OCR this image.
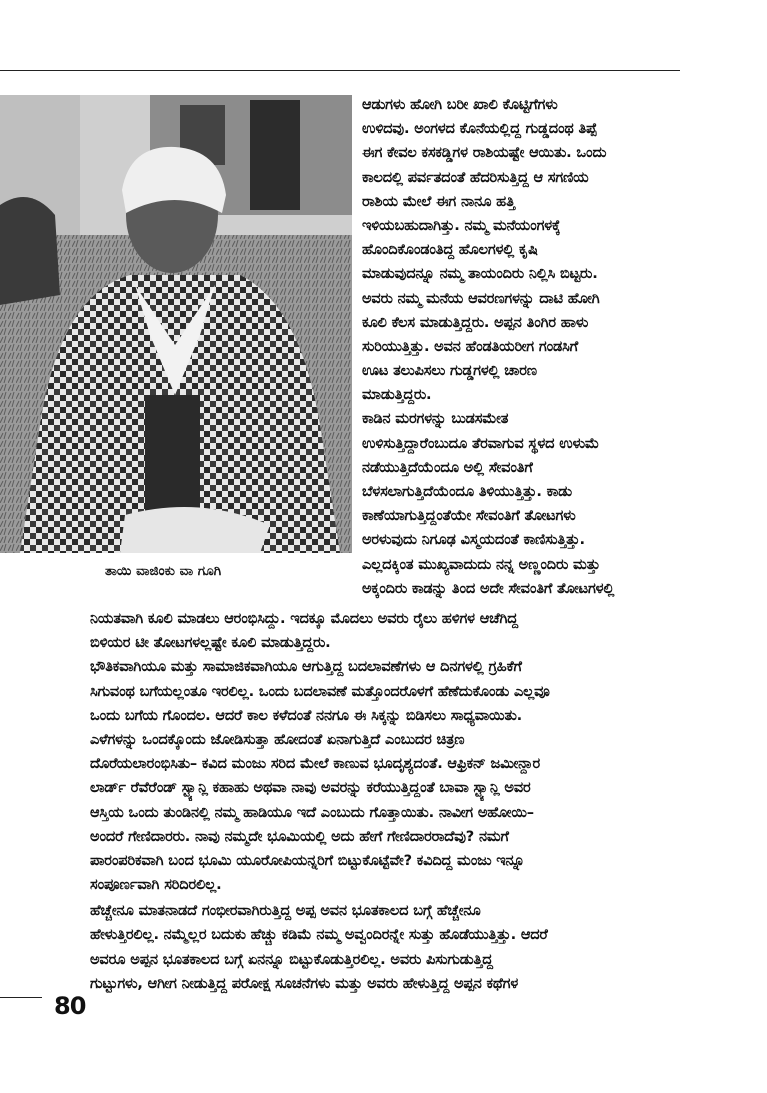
ತಾಯಿ ವಾಜಿಂಕು ವಾ ಗೂಗಿ
ಆಡುಗಳು ಹೋಗಿ ಬರೀ ಖಾಲಿ ಕೊಟ್ಟಿಗೆಗಳು
ಉಳಿದವು. ಅಂಗಳದ ಕೊನೆಯಲ್ಲಿದ್ದ ಗುಡ್ಡದಂಥ ತಿಪ್ಪೆ
ಈಗ ಕೇವಲ ಕಸಕಡ್ಡಿಗಳ ರಾಶಿಯಷ್ಟೇ ಆಯಿತು. ಒಂದು
ಕಾಲದಲ್ಲಿ ಪರ್ವತದಂತೆ ಹೆದರಿಸುತ್ತಿದ್ದ ಆ ಸಗಣಿಯ
ರಾಶಿಯ ಮೇಲೆ ಈಗ ನಾನೂ ಹತ್ತಿ
ಇಳಿಯಬಹುದಾಗಿತ್ತು. ನಮ್ಮ ಮನೆಯಂಗಳಕ್ಕೆ
ಹೊಂದಿಕೊಂಡಂತಿದ್ದ ಹೊಲಗಳಲ್ಲಿ ಕೃಷಿ
ಮಾಡುವುದನ್ನೂ ನಮ್ಮ ತಾಯಂದಿರು ನಿಲ್ಲಿಸಿ ಬಿಟ್ಟರು.
ಅವರು ನಮ್ಮ ಮನೆಯ ಆವರಣಗಳನ್ನು ದಾಟಿ ಹೋಗಿ
ಕೂಲಿ ಕೆಲಸ ಮಾಡುತ್ತಿದ್ದರು. ಅಪ್ಪನ ತಿಂಗಿರ ಹಾಳು
ಸುರಿಯುತ್ತಿತ್ತು. ಅವನ ಹೆಂಡತಿಯರೀಗ ಗಂಡಸಿಗೆ
ಊಟ ತಲುಪಿಸಲು ಗುಡ್ಡಗಳಲ್ಲಿ ಚಾರಣ
ಮಾಡುತ್ತಿದ್ದರು.
ಕಾಡಿನ ಮರಗಳನ್ನು ಬುಡಸಮೇತ
ಉಳಿಸುತ್ತಿದ್ದಾರೆಂಬುದೂ ತೆರವಾಗುವ ಸ್ಥಳದ ಉಳುಮೆ
ನಡೆಯುತ್ತಿದೆಯೆಂದೂ ಅಲ್ಲಿ ಸೇವಂತಿಗೆ
ಬೆಳಸಲಾಗುತ್ತಿದೆಯೆಂದೂ ತಿಳಿಯುತ್ತಿತ್ತು. ಕಾಡು
ಕಾಣೆಯಾಗುತ್ತಿದ್ದಂತೆಯೇ ಸೇವಂತಿಗೆ ತೋಟಗಳು
ಅರಳುವುದು ನಿಗೂಢ ವಿಸ್ಮಯದಂತೆ ಕಾಣಿಸುತ್ತಿತ್ತು.
ಎಲ್ಲದಕ್ಕಿಂತ ಮುಖ್ಯವಾದುದು ನನ್ನ ಅಣ್ಣಂದಿರು ಮತ್ತು
ಅಕ್ಕಂದಿರು ಕಾಡನ್ನು ತಿಂದ ಅದೇ ಸೇವಂತಿಗೆ ತೋಟಗಳಲ್ಲಿ
ನಿಯತವಾಗಿ ಕೂಲಿ ಮಾಡಲು ಆರಂಭಿಸಿದ್ದು. ಇದಕ್ಕೂ ಮೊದಲು ಅವರು ರೈಲು ಹಳಿಗಳ ಆಚೆಗಿದ್ದ
ಬಿಳಿಯರ ಟೀ ತೋಟಗಳಲ್ಲಷ್ಟೇ ಕೂಲಿ ಮಾಡುತ್ತಿದ್ದರು.
ಭೌತಿಕವಾಗಿಯೂ ಮತ್ತು ಸಾಮಾಜಿಕವಾಗಿಯೂ ಆಗುತ್ತಿದ್ದ ಬದಲಾವಣೆಗಳು ಆ ದಿನಗಳಲ್ಲಿ ಗ್ರಹಿಕೆಗೆ
ಸಿಗುವಂಥ ಬಗೆಯಲ್ಲಂತೂ ಇರಲಿಲ್ಲ. ಒಂದು ಬದಲಾವಣೆ ಮತ್ತೊಂದರೊಳಗೆ ಹೆಣೆದುಕೊಂಡು ಎಲ್ಲವೂ
ಒಂದು ಬಗೆಯ ಗೊಂದಲ. ಆದರೆ ಕಾಲ ಕಳೆದಂತೆ ನನಗೂ ಈ ಸಿಕ್ಕನ್ನು ಬಿಡಿಸಲು ಸಾಧ್ಯವಾಯಿತು.
ಎಳೆಗಳನ್ನು ಒಂದಕ್ಕೊಂದು ಜೋಡಿಸುತ್ತಾ ಹೋದಂತೆ ಏನಾಗುತ್ತಿದೆ ಎಂಬುದರ ಚಿತ್ರಣ
ದೊರೆಯಲಾರಂಭಿಸಿತು– ಕವಿದ ಮಂಜು ಸರಿದ ಮೇಲೆ ಕಾಣುವ ಭೂದೃಶ್ಯದಂತೆ. ಆಫ್ರಿಕನ್ ಜಮೀನ್ದಾರ
ಲಾರ್ಡ್ ರೆವೆರೆಂಡ್ ಸ್ಟ್ಯಾನ್ಲಿ ಕಹಾಹು ಅಥವಾ ನಾವು ಅವರನ್ನು ಕರೆಯುತ್ತಿದ್ದಂತೆ ಬಾವಾ ಸ್ಟ್ಯಾನ್ಲಿ ಅವರ
ಆಸ್ತಿಯ ಒಂದು ತುಂಡಿನಲ್ಲಿ ನಮ್ಮ ಹಾಡಿಯೂ ಇದೆ ಎಂಬುದು ಗೊತ್ತಾಯಿತು. ನಾವೀಗ ಅಹೋಯಿ–
ಅಂದರೆ ಗೇಣಿದಾರರು. ನಾವು ನಮ್ಮದೇ ಭೂಮಿಯಲ್ಲಿ ಅದು ಹೇಗೆ ಗೇಣಿದಾರರಾದೆವು? ನಮಗೆ
ಪಾರಂಪರಿಕವಾಗಿ ಬಂದ ಭೂಮಿ ಯೂರೋಪಿಯನ್ನರಿಗೆ ಬಿಟ್ಟುಕೊಟ್ಟೆವೇ? ಕವಿದಿದ್ದ ಮಂಜು ಇನ್ನೂ
ಸಂಪೂರ್ಣವಾಗಿ ಸರಿದಿರಲಿಲ್ಲ.
ಹೆಚ್ಚೇನೂ ಮಾತನಾಡದೆ ಗಂಭೀರವಾಗಿರುತ್ತಿದ್ದ ಅಪ್ಪ ಅವನ ಭೂತಕಾಲದ ಬಗ್ಗೆ ಹೆಚ್ಚೇನೂ
ಹೇಳುತ್ತಿರಲಿಲ್ಲ. ನಮ್ಮೆಲ್ಲರ ಬದುಕು ಹೆಚ್ಚು ಕಡಿಮೆ ನಮ್ಮ ಅವ್ವಂದಿರನ್ನೇ ಸುತ್ತು ಹೊಡೆಯುತ್ತಿತ್ತು. ಆದರೆ
ಅವರೂ ಅಪ್ಪನ ಭೂತಕಾಲದ ಬಗ್ಗೆ ಏನನ್ನೂ ಬಿಟ್ಟುಕೊಡುತ್ತಿರಲಿಲ್ಲ. ಅವರು ಪಿಸುಗುಡುತ್ತಿದ್ದ
ಗುಟ್ಟುಗಳು, ಆಗೀಗ ನೀಡುತ್ತಿದ್ದ ಪರೋಕ್ಷ ಸೂಚನೆಗಳು ಮತ್ತು ಅವರು ಹೇಳುತ್ತಿದ್ದ ಅಪ್ಪನ ಕಥೆಗಳ
80
